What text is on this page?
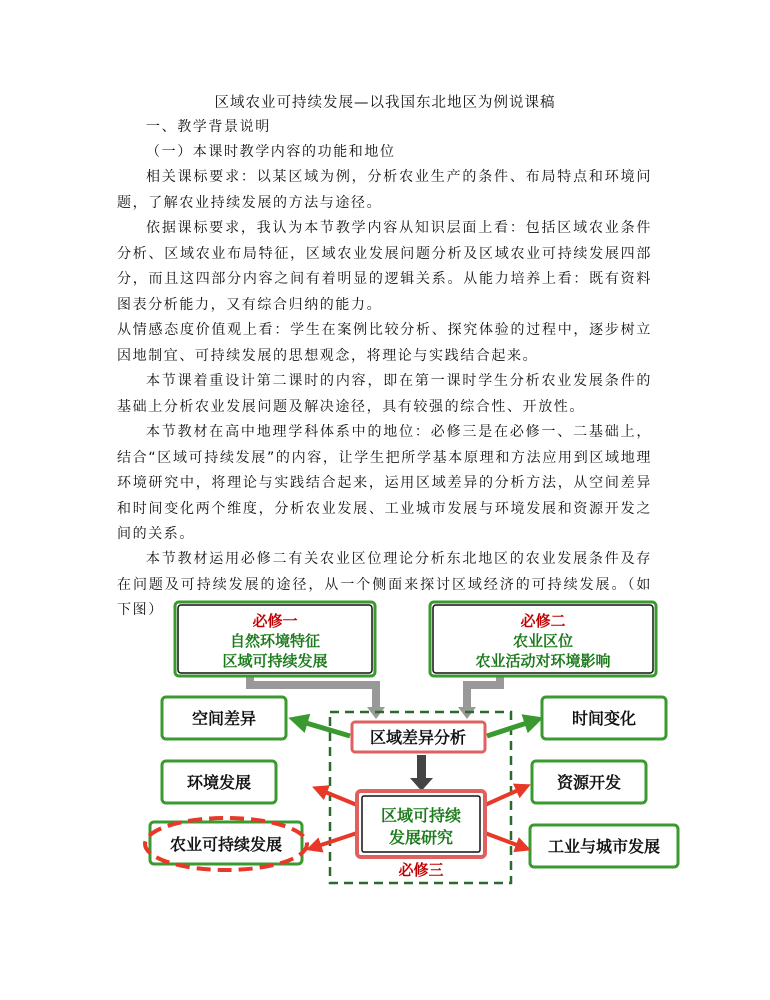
区域农业可持续发展—以我国东北地区为例说课稿

一、教学背景说明

（一）本课时教学内容的功能和地位

相关课标要求：以某区域为例，分析农业生产的条件、布局特点和环境问题，了解农业持续发展的方法与途径。

依据课标要求，我认为本节教学内容从知识层面上看：包括区域农业条件分析、区域农业布局特征，区域农业发展问题分析及区域农业可持续发展四部分，而且这四部分内容之间有着明显的逻辑关系。从能力培养上看：既有资料图表分析能力，又有综合归纳的能力。

从情感态度价值观上看：学生在案例比较分析、探究体验的过程中，逐步树立因地制宜、可持续发展的思想观念，将理论与实践结合起来。

本节课着重设计第二课时的内容，即在第一课时学生分析农业发展条件的基础上分析农业发展问题及解决途径，具有较强的综合性、开放性。

本节教材在高中地理学科体系中的地位：必修三是在必修一、二基础上，结合“区域可持续发展”的内容，让学生把所学基本原理和方法应用到区域地理环境研究中，将理论与实践结合起来，运用区域差异的分析方法，从空间差异和时间变化两个维度，分析农业发展、工业城市发展与环境发展和资源开发之间的关系。

本节教材运用必修二有关农业区位理论分析东北地区的农业发展条件及存在问题及可持续发展的途径，从一个侧面来探讨区域经济的可持续发展。（如下图）

必修一
自然环境特征
区域可持续发展
必修二
农业区位
农业活动对环境影响
空间差异
环境发展
农业可持续发展
时间变化
资源开发
工业与城市发展
区域差异分析
区域可持续
发展研究
必修三
